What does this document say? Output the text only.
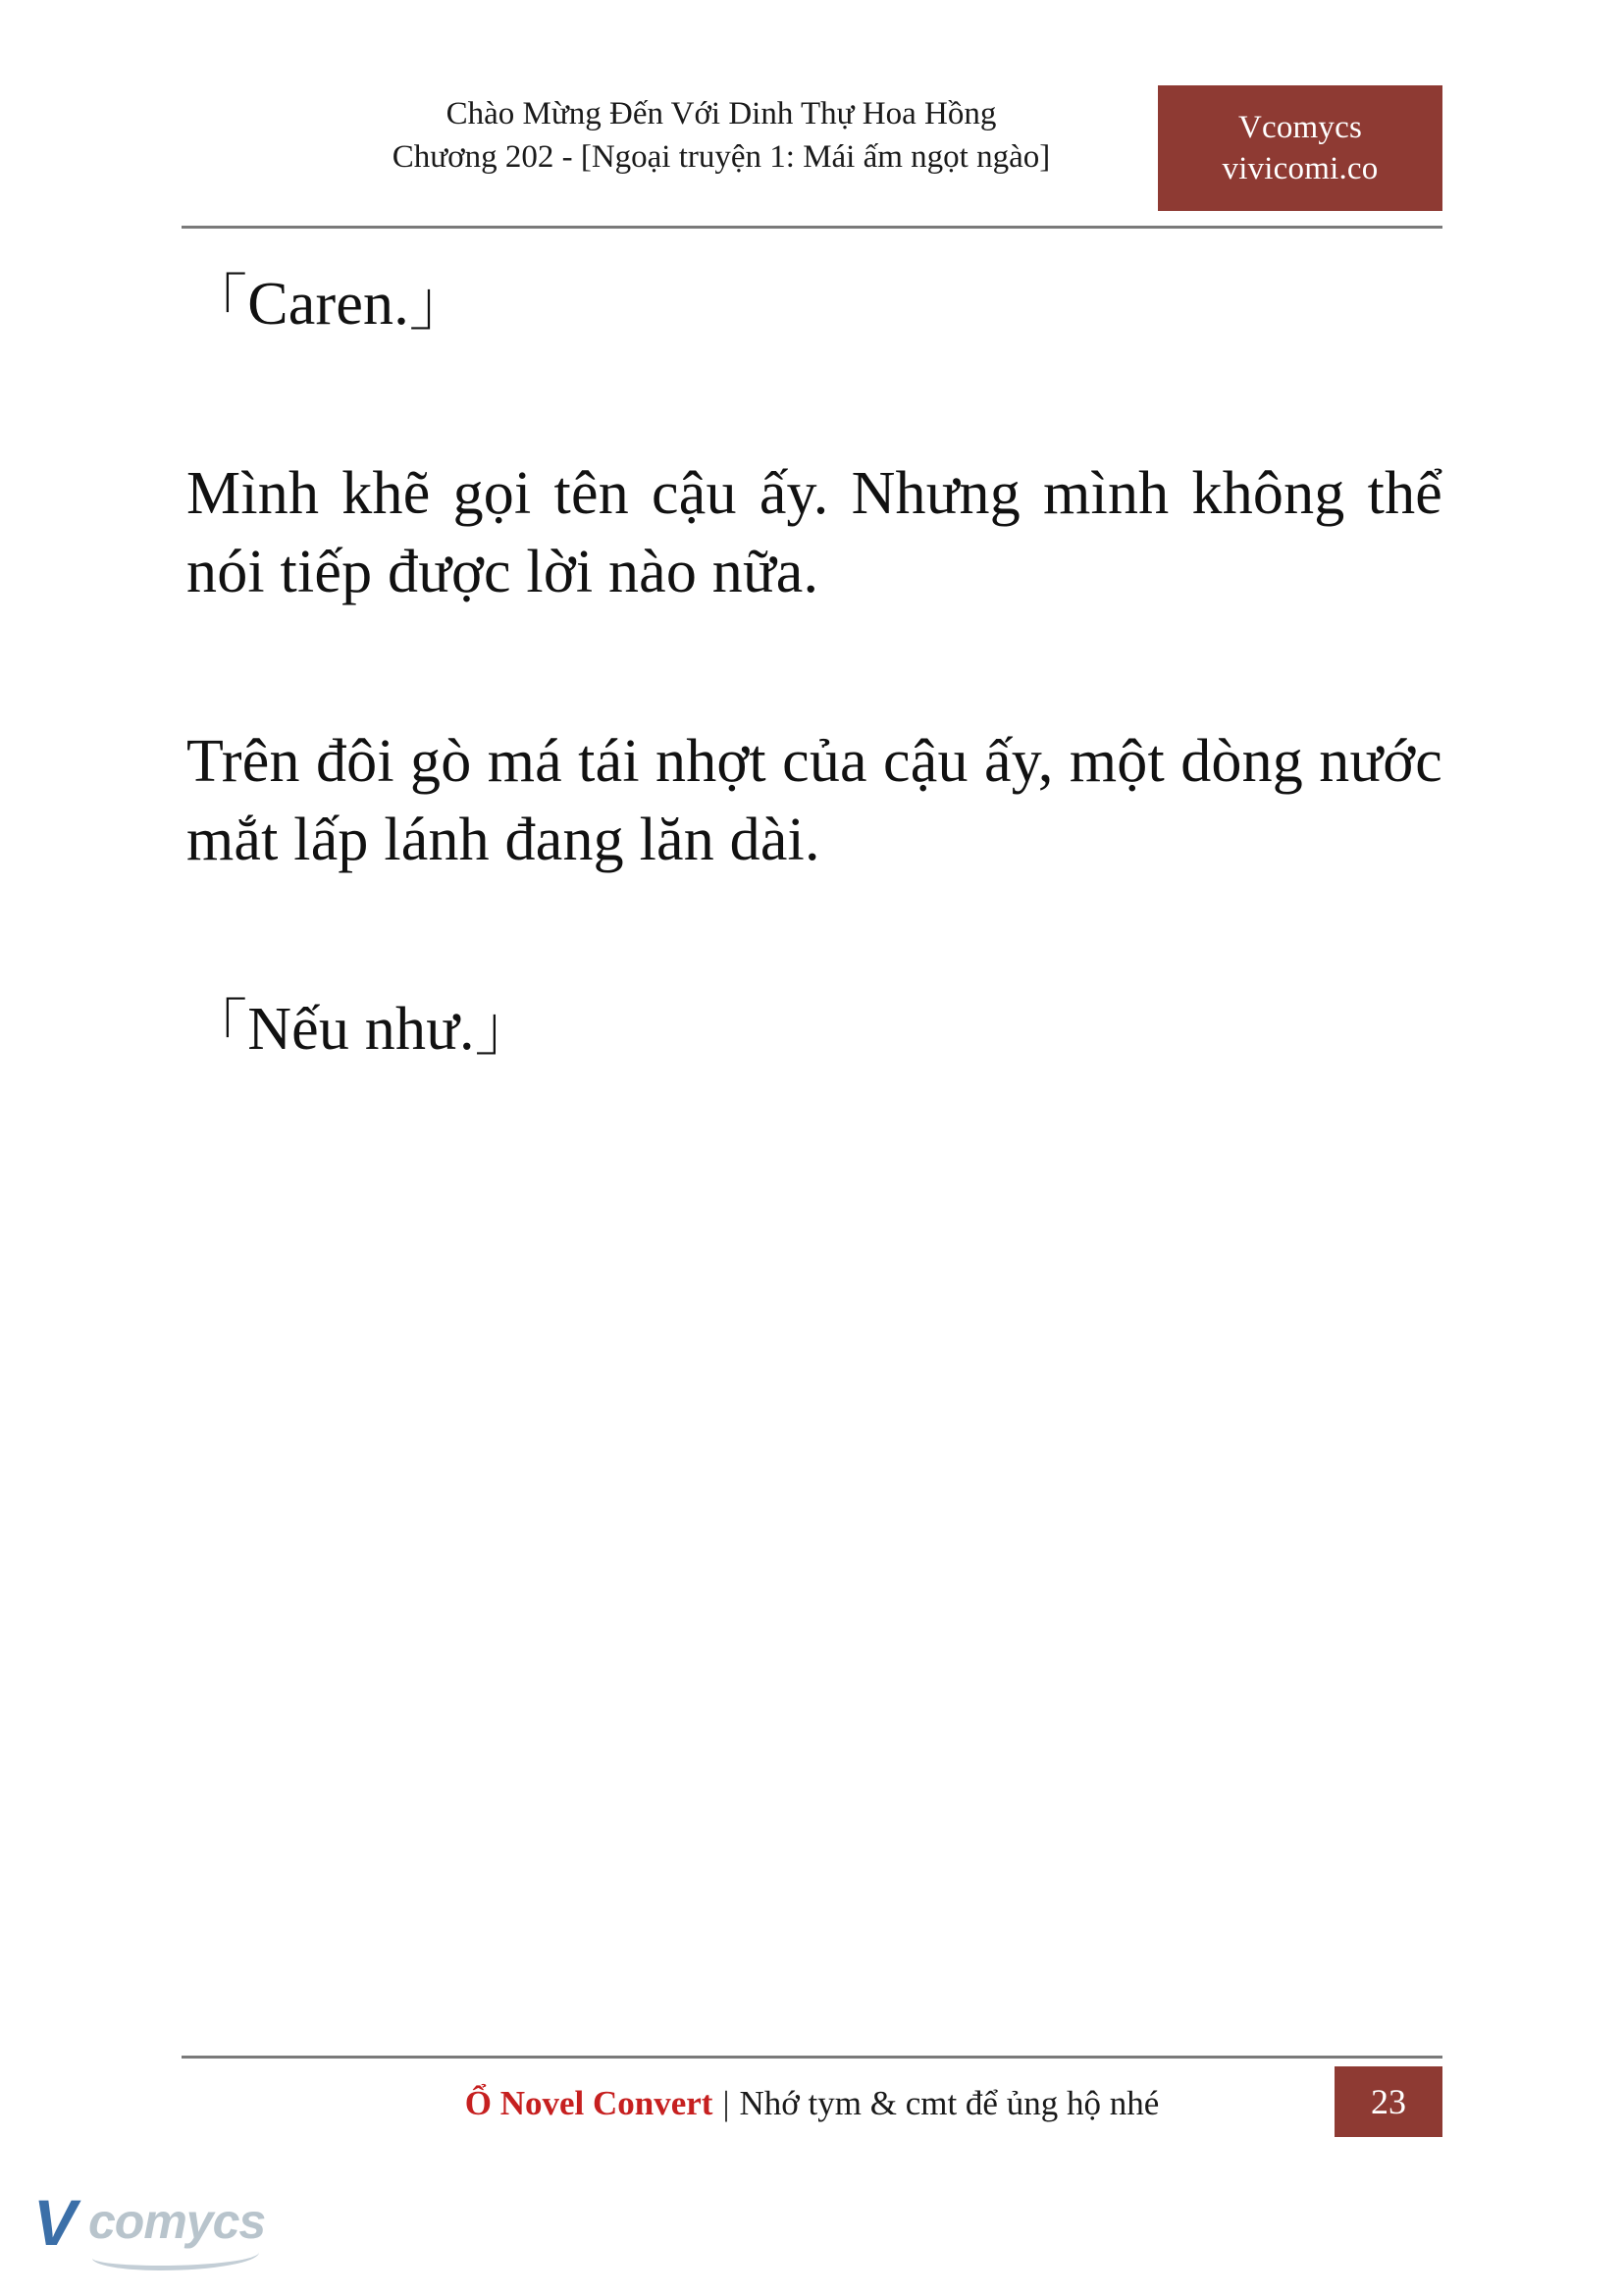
Chào Mừng Đến Với Dinh Thự Hoa Hồng
Chương 202 - [Ngoại truyện 1: Mái ấm ngọt ngào]
Vcomycs
vivicomi.co

「Caren.」

Mình khẽ gọi tên cậu ấy. Nhưng mình không thể nói tiếp được lời nào nữa.

Trên đôi gò má tái nhợt của cậu ấy, một dòng nước mắt lấp lánh đang lăn dài.

「Nếu như.」

Ổ Novel Convert | Nhớ tym & cmt để ủng hộ nhé	23
V comycs
